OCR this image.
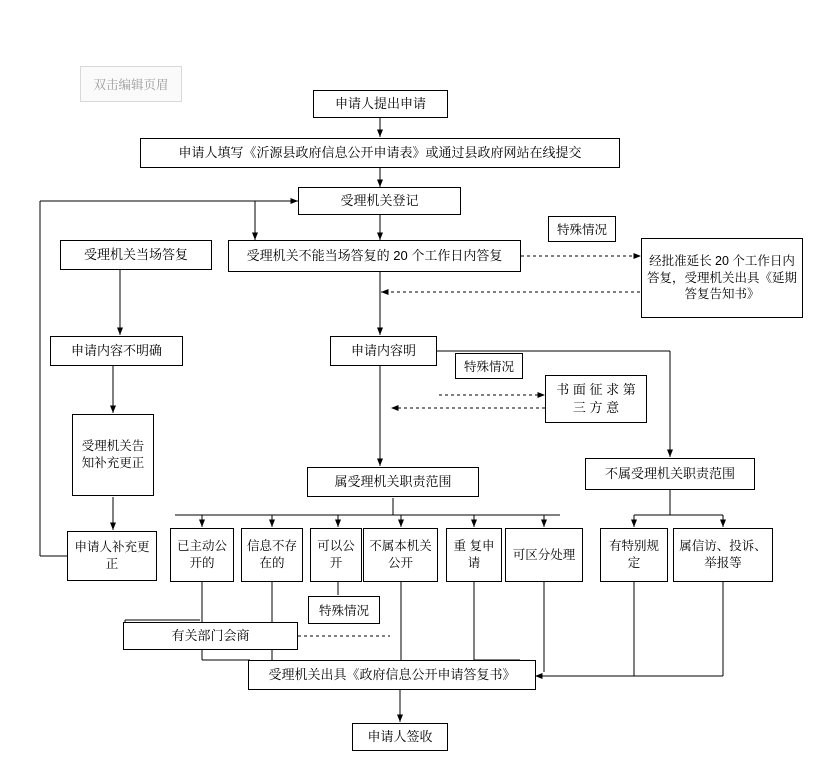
双击编辑页眉
申请人提出申请
申请人填写《沂源县政府信息公开申请表》或通过县政府网站在线提交
受理机关登记
受理机关当场答复	受理机关不能当场答复的 20 个工作日内答复
特殊情况
经批准延长 20 个工作日内答复，受理机关出具《延期答复告知书》
申请内容不明确	申请内容明
特殊情况
书 面 征 求 第 三 方 意
受理机关告知补充更正
申请人补充更正
属受理机关职责范围
不属受理机关职责范围
已主动公开的
信息不存在的
可以公开
不属本机关公开
重 复申请
可区分处理
有特别规定
属信访、投诉、举报等
特殊情况
有关部门会商
受理机关出具《政府信息公开申请答复书》
申请人签收
